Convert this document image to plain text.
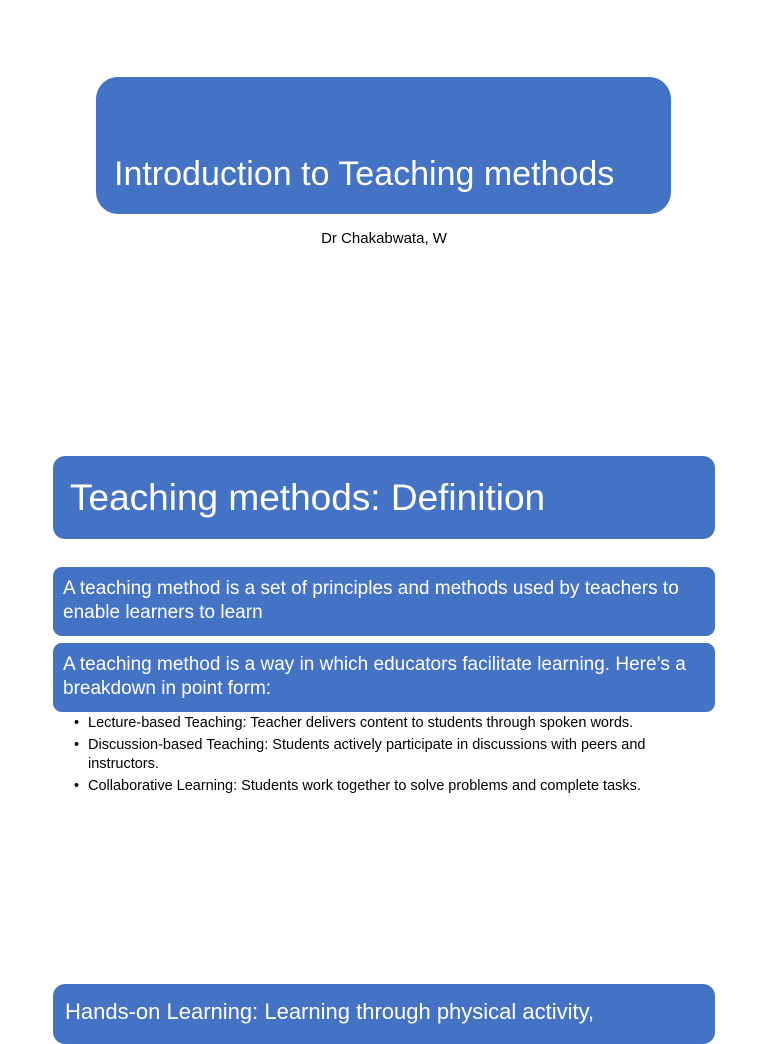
Introduction to Teaching methods
Dr Chakabwata, W
Teaching methods: Definition
A teaching method is a set of principles and methods used by teachers to enable learners to learn
A teaching method is a way in which educators facilitate learning. Here’s a breakdown in point form:
• Lecture-based Teaching: Teacher delivers content to students through spoken words.
• Discussion-based Teaching: Students actively participate in discussions with peers and instructors.
• Collaborative Learning: Students work together to solve problems and complete tasks.
Hands-on Learning: Learning through physical activity,
